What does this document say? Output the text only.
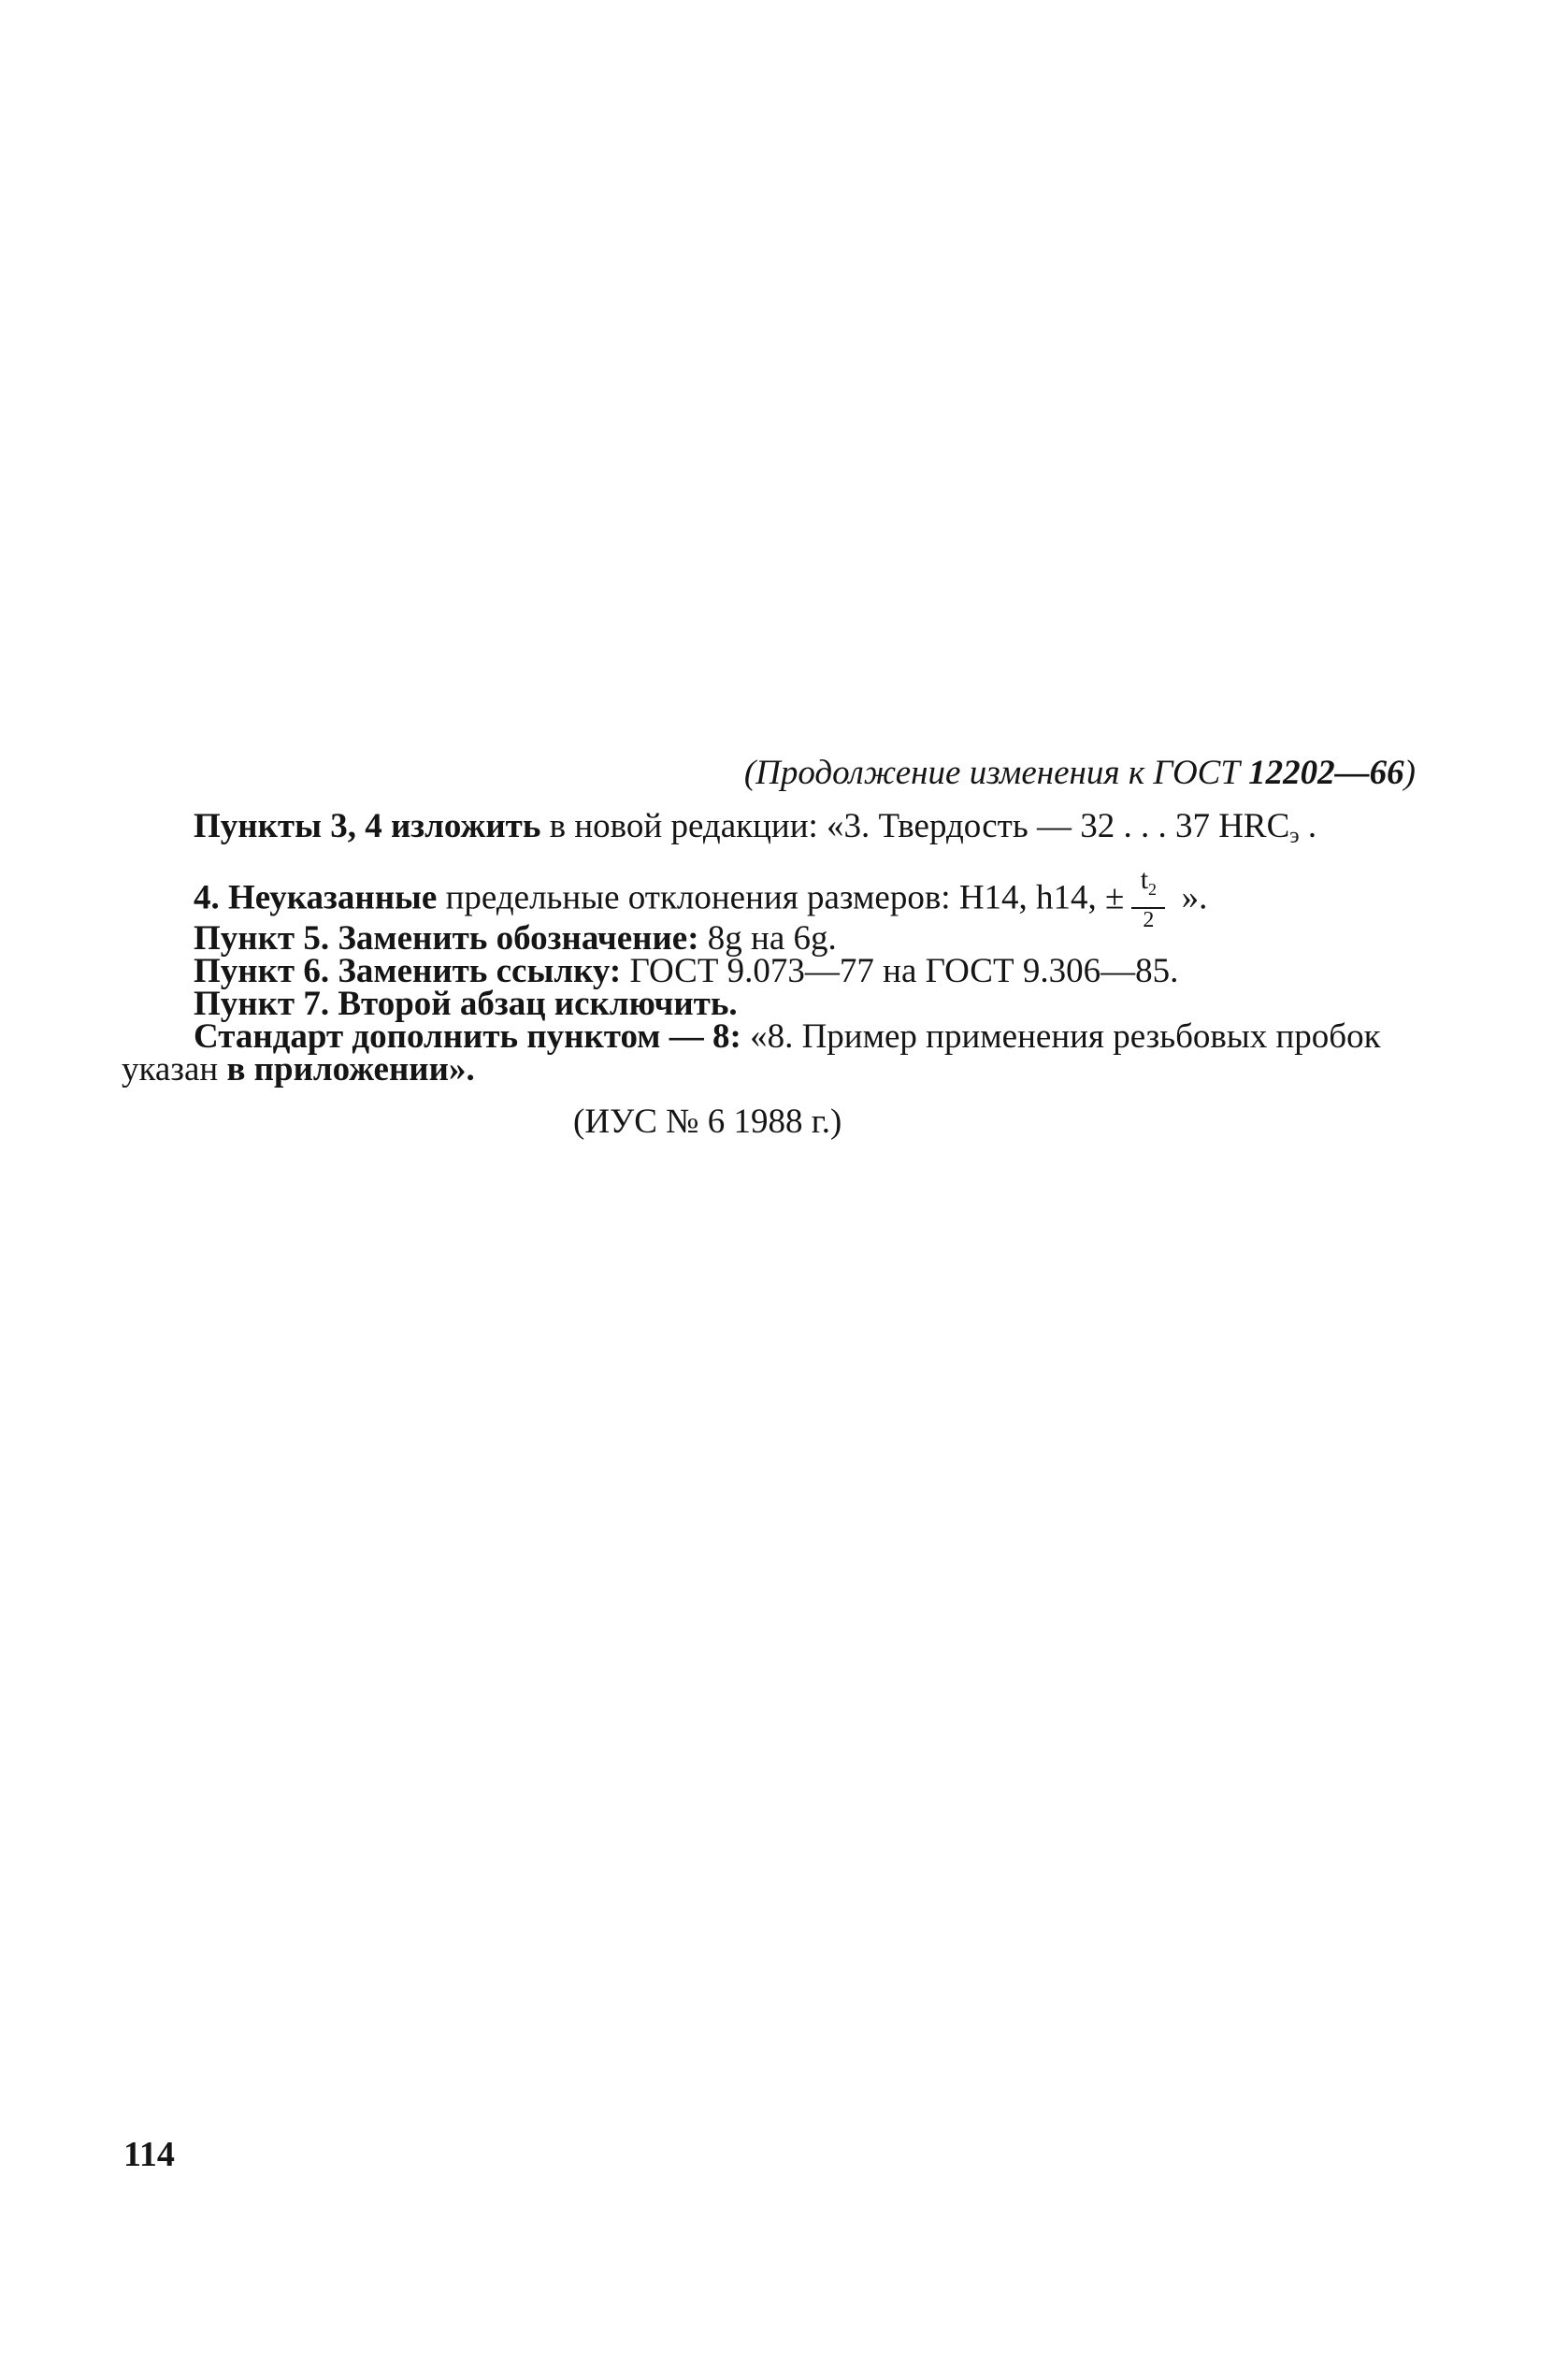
(Продолжение изменения к ГОСТ 12202—66)
Пункты 3, 4 изложить в новой редакции: «3. Твердость — 32 . . . 37 HRCэ .
4. Неуказанные предельные отклонения размеров: Н14, h14, ± $\frac{t_2}{2}$ ».
Пункт 5. Заменить обозначение: 8g на 6g.
Пункт 6. Заменить ссылку: ГОСТ 9.073—77 на ГОСТ 9.306—85.
Пункт 7. Второй абзац исключить.
Стандарт дополнить пунктом — 8: «8. Пример применения резьбовых пробок
указан в приложении».
(ИУС № 6 1988 г.)
114
